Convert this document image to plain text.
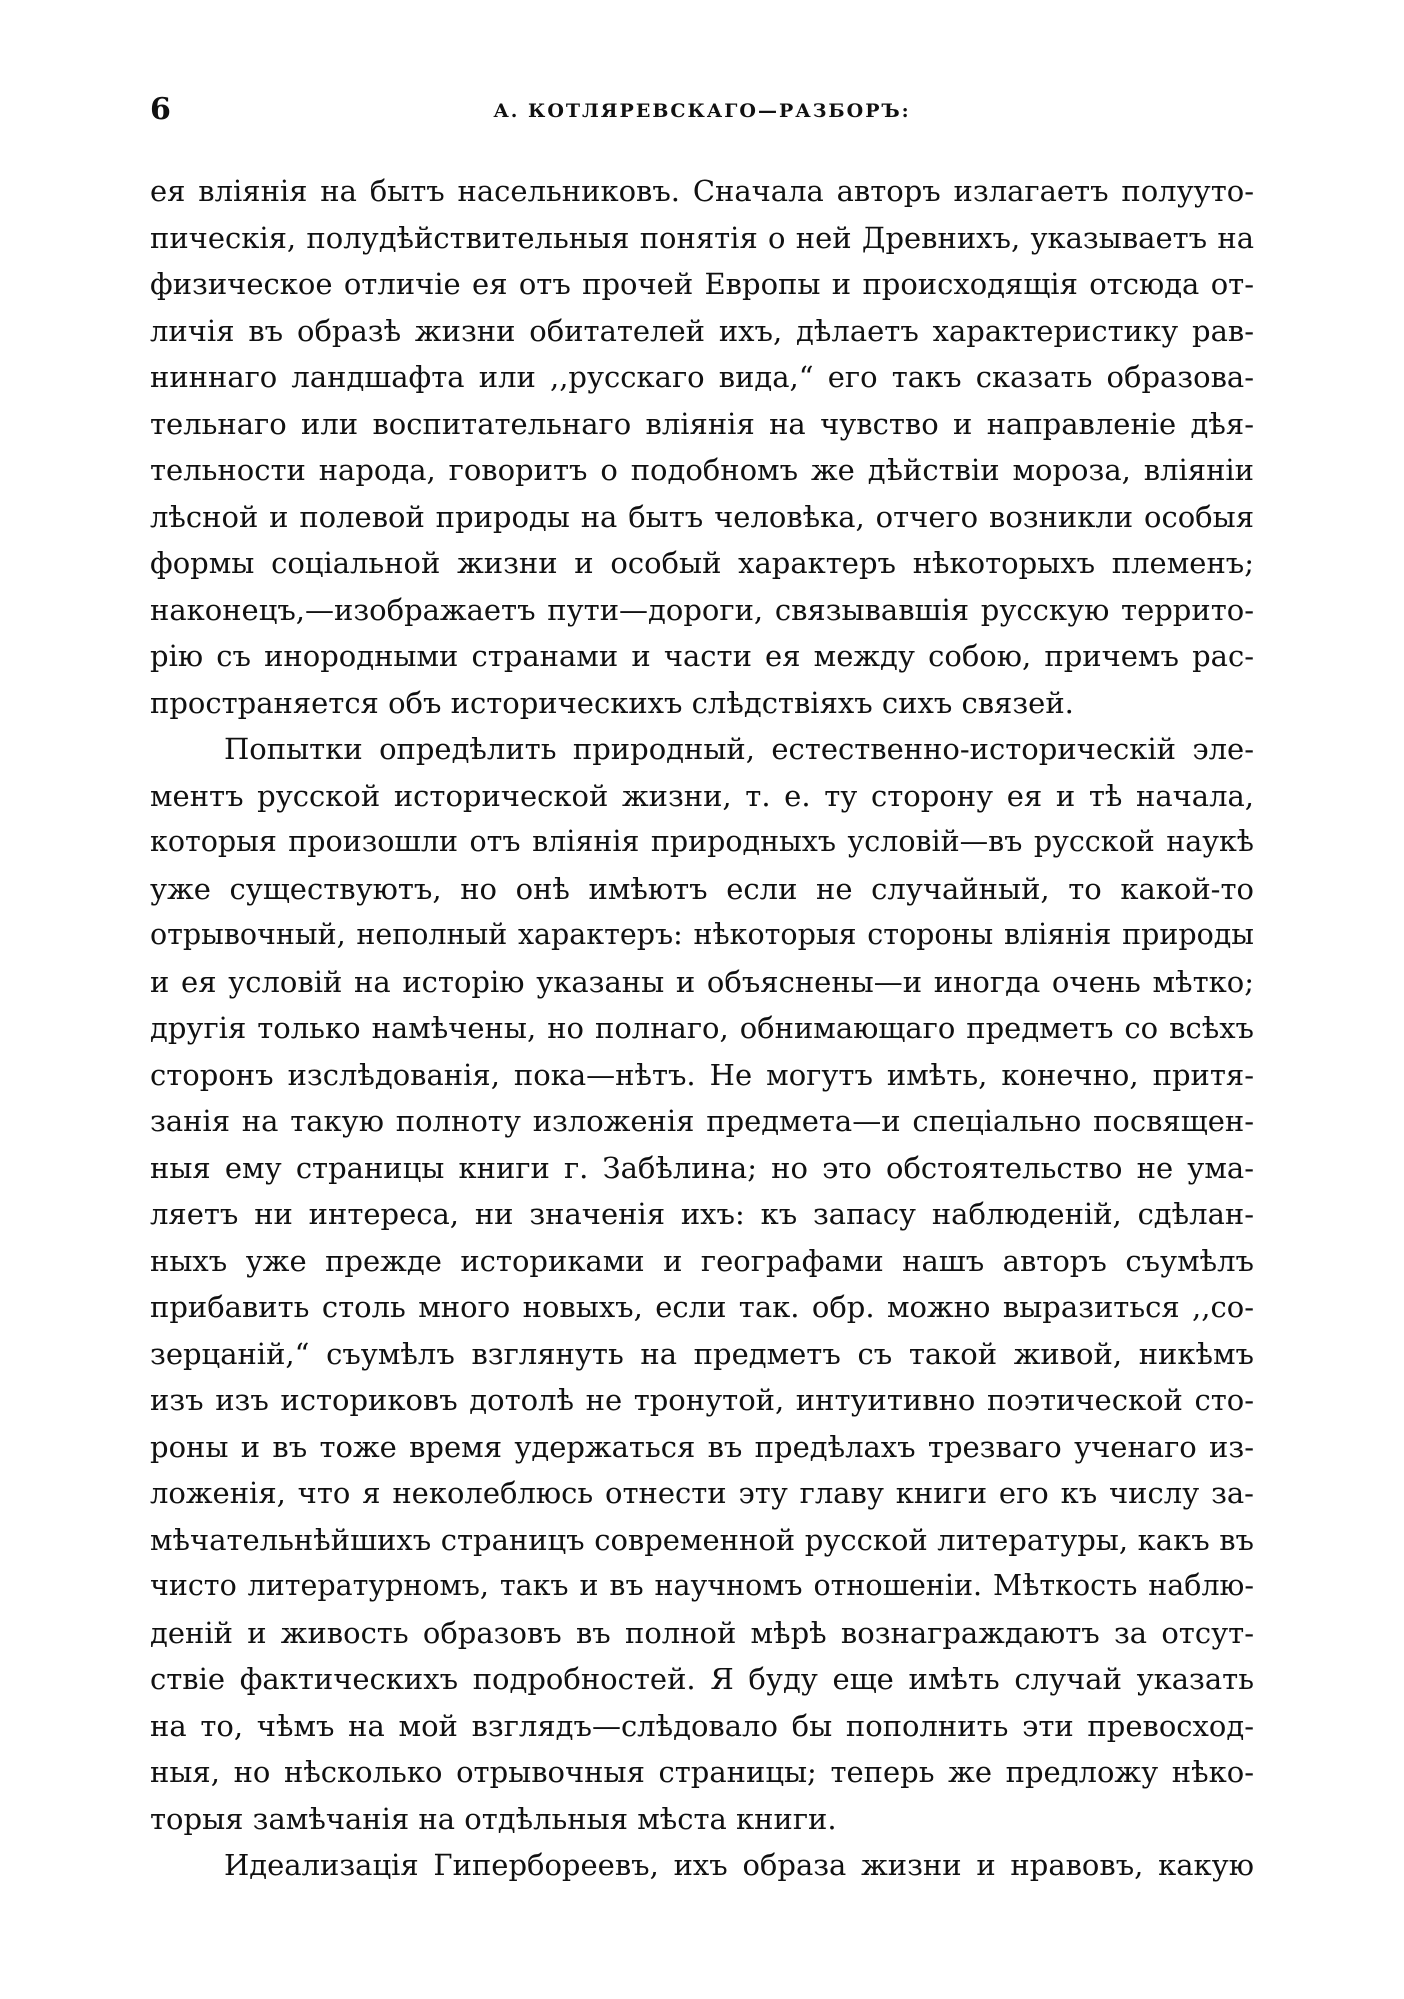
6	А. КОТЛЯРЕВСКАГО—РАЗБОРЪ:
ея вліянія на бытъ насельниковъ. Сначала авторъ излагаетъ полууто-
пическія, полудѣйствительныя понятія о ней Древнихъ, указываетъ на
физическое отличіе ея отъ прочей Европы и происходящія отсюда от-
личія въ образѣ жизни обитателей ихъ, дѣлаетъ характеристику рав-
ниннаго ландшафта или ,,русскаго вида,“ его такъ сказать образова-
тельнаго или воспитательнаго вліянія на чувство и направленіе дѣя-
тельности народа, говоритъ о подобномъ же дѣйствіи мороза, вліяніи
лѣсной и полевой природы на бытъ человѣка, отчего возникли особыя
формы соціальной жизни и особый характеръ нѣкоторыхъ племенъ;
наконецъ,—изображаетъ пути—дороги, связывавшія русскую террито-
рію съ инородными странами и части ея между собою, причемъ рас-
пространяется объ историческихъ слѣдствіяхъ сихъ связей.
Попытки опредѣлить природный, естественно-историческій эле-
ментъ русской исторической жизни, т. е. ту сторону ея и тѣ начала,
которыя произошли отъ вліянія природныхъ условій—въ русской наукѣ
уже существуютъ, но онѣ имѣютъ если не случайный, то какой-то
отрывочный, неполный характеръ: нѣкоторыя стороны вліянія природы
и ея условій на исторію указаны и объяснены—и иногда очень мѣтко;
другія только намѣчены, но полнаго, обнимающаго предметъ со всѣхъ
сторонъ изслѣдованія, пока—нѣтъ. Не могутъ имѣть, конечно, притя-
занія на такую полноту изложенія предмета—и спеціально посвящен-
ныя ему страницы книги г. Забѣлина; но это обстоятельство не ума-
ляетъ ни интереса, ни значенія ихъ: къ запасу наблюденій, сдѣлан-
ныхъ уже прежде историками и географами нашъ авторъ съумѣлъ
прибавить столь много новыхъ, если так. обр. можно выразиться ,,со-
зерцаній,“ съумѣлъ взглянуть на предметъ съ такой живой, никѣмъ
изъ изъ историковъ дотолѣ не тронутой, интуитивно поэтической сто-
роны и въ тоже время удержаться въ предѣлахъ трезваго ученаго из-
ложенія, что я неколеблюсь отнести эту главу книги его къ числу за-
мѣчательнѣйшихъ страницъ современной русской литературы, какъ въ
чисто литературномъ, такъ и въ научномъ отношеніи. Мѣткость наблю-
деній и живость образовъ въ полной мѣрѣ вознаграждаютъ за отсут-
ствіе фактическихъ подробностей. Я буду еще имѣть случай указать
на то, чѣмъ на мой взглядъ—слѣдовало бы пополнить эти превосход-
ныя, но нѣсколько отрывочныя страницы; теперь же предложу нѣко-
торыя замѣчанія на отдѣльныя мѣста книги.
Идеализація Гипербореевъ, ихъ образа жизни и нравовъ, какую
